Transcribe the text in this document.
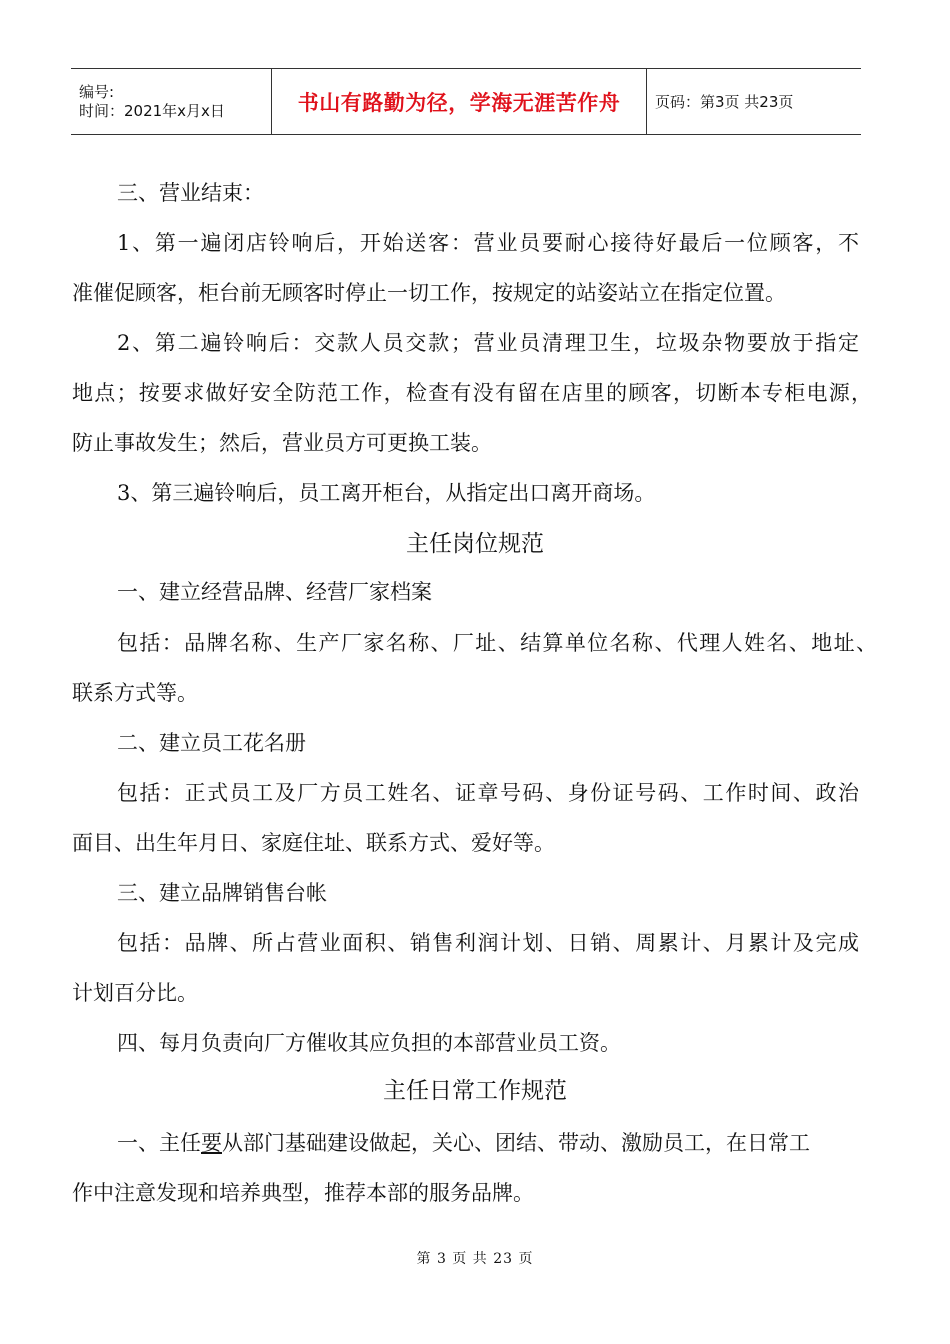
编号:
时间：2021年x月x日	书山有路勤为径，学海无涯苦作舟	页码：第3页 共23页
三、营业结束：
1、第一遍闭店铃响后，开始送客：营业员要耐心接待好最后一位顾客，不
准催促顾客，柜台前无顾客时停止一切工作，按规定的站姿站立在指定位置。
2、第二遍铃响后：交款人员交款；营业员清理卫生，垃圾杂物要放于指定
地点；按要求做好安全防范工作，检查有没有留在店里的顾客，切断本专柜电源，
防止事故发生；然后，营业员方可更换工装。
3、第三遍铃响后，员工离开柜台，从指定出口离开商场。
主任岗位规范
一、建立经营品牌、经营厂家档案
包括：品牌名称、生产厂家名称、厂址、结算单位名称、代理人姓名、地址、
联系方式等。
二、建立员工花名册
包括：正式员工及厂方员工姓名、证章号码、身份证号码、工作时间、政治
面目、出生年月日、家庭住址、联系方式、爱好等。
三、建立品牌销售台帐
包括：品牌、所占营业面积、销售利润计划、日销、周累计、月累计及完成
计划百分比。
四、每月负责向厂方催收其应负担的本部营业员工资。
主任日常工作规范
一、主任要从部门基础建设做起，关心、团结、带动、激励员工，在日常工
作中注意发现和培养典型，推荐本部的服务品牌。
第 3 页 共 23 页
